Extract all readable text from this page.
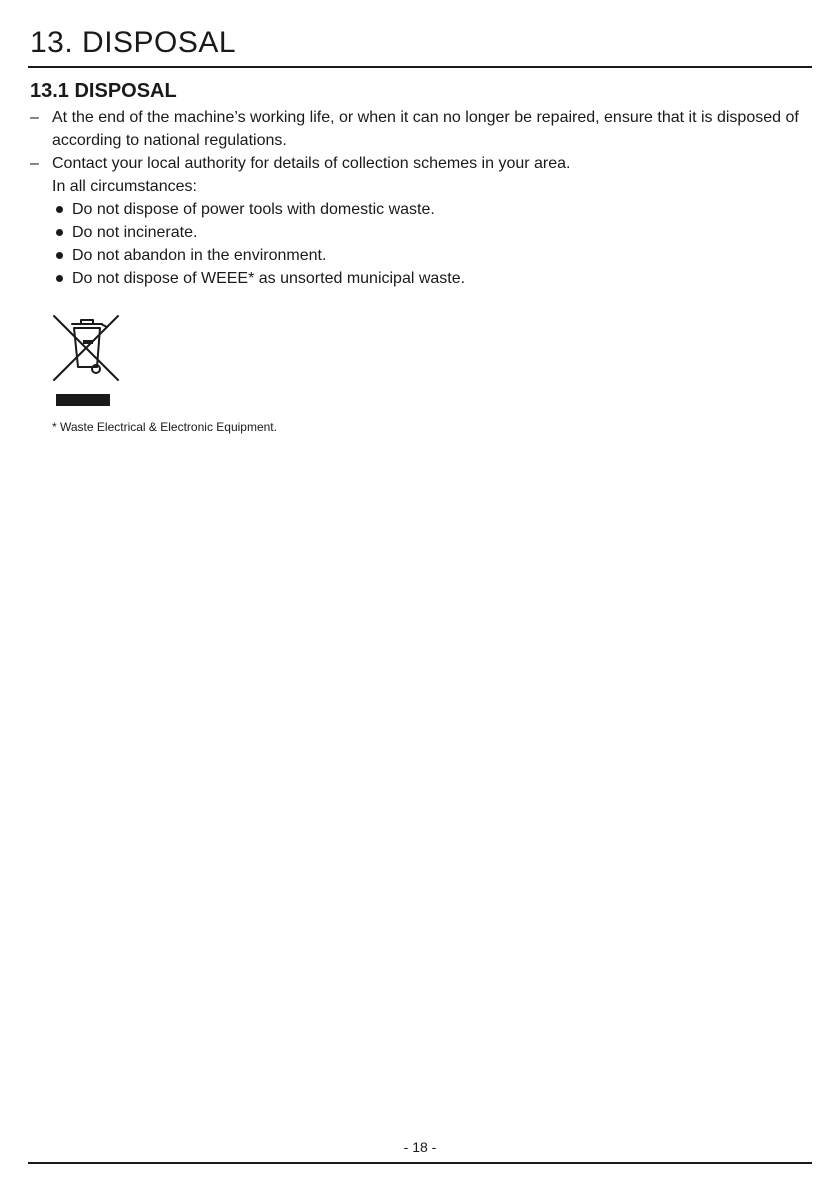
13. DISPOSAL
13.1 DISPOSAL
– At the end of the machine’s working life, or when it can no longer be repaired, ensure that it is disposed of according to national regulations.
– Contact your local authority for details of collection schemes in your area.
In all circumstances:
Do not dispose of power tools with domestic waste.
Do not incinerate.
Do not abandon in the environment.
Do not dispose of WEEE* as unsorted municipal waste.
* Waste Electrical & Electronic Equipment.
- 18 -
